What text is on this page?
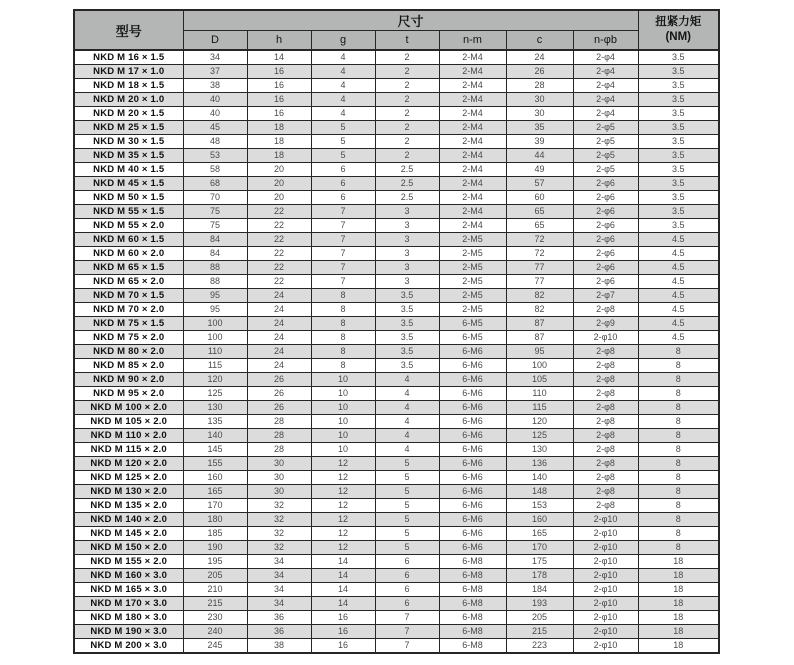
型号	尺寸							扭紧力矩
(NM)

	D	h	g	t	n-m	c	n-φb	
NKD M 16 × 1.5	34	14	4	2	2-M4	24	2-φ4	3.5
NKD M 17 × 1.0	37	16	4	2	2-M4	26	2-φ4	3.5
NKD M 18 × 1.5	38	16	4	2	2-M4	28	2-φ4	3.5
NKD M 20 × 1.0	40	16	4	2	2-M4	30	2-φ4	3.5
NKD M 20 × 1.5	40	16	4	2	2-M4	30	2-φ4	3.5
NKD M 25 × 1.5	45	18	5	2	2-M4	35	2-φ5	3.5
NKD M 30 × 1.5	48	18	5	2	2-M4	39	2-φ5	3.5
NKD M 35 × 1.5	53	18	5	2	2-M4	44	2-φ5	3.5
NKD M 40 × 1.5	58	20	6	2.5	2-M4	49	2-φ5	3.5
NKD M 45 × 1.5	68	20	6	2.5	2-M4	57	2-φ6	3.5
NKD M 50 × 1.5	70	20	6	2.5	2-M4	60	2-φ6	3.5
NKD M 55 × 1.5	75	22	7	3	2-M4	65	2-φ6	3.5
NKD M 55 × 2.0	75	22	7	3	2-M4	65	2-φ6	3.5
NKD M 60 × 1.5	84	22	7	3	2-M5	72	2-φ6	4.5
NKD M 60 × 2.0	84	22	7	3	2-M5	72	2-φ6	4.5
NKD M 65 × 1.5	88	22	7	3	2-M5	77	2-φ6	4.5
NKD M 65 × 2.0	88	22	7	3	2-M5	77	2-φ6	4.5
NKD M 70 × 1.5	95	24	8	3.5	2-M5	82	2-φ7	4.5
NKD M 70 × 2.0	95	24	8	3.5	2-M5	82	2-φ8	4.5
NKD M 75 × 1.5	100	24	8	3.5	6-M5	87	2-φ9	4.5
NKD M 75 × 2.0	100	24	8	3.5	6-M5	87	2-φ10	4.5
NKD M 80 × 2.0	110	24	8	3.5	6-M6	95	2-φ8	8
NKD M 85 × 2.0	115	24	8	3.5	6-M6	100	2-φ8	8
NKD M 90 × 2.0	120	26	10	4	6-M6	105	2-φ8	8
NKD M 95 × 2.0	125	26	10	4	6-M6	110	2-φ8	8
NKD M 100 × 2.0	130	26	10	4	6-M6	115	2-φ8	8
NKD M 105 × 2.0	135	28	10	4	6-M6	120	2-φ8	8
NKD M 110 × 2.0	140	28	10	4	6-M6	125	2-φ8	8
NKD M 115 × 2.0	145	28	10	4	6-M6	130	2-φ8	8
NKD M 120 × 2.0	155	30	12	5	6-M6	136	2-φ8	8
NKD M 125 × 2.0	160	30	12	5	6-M6	140	2-φ8	8
NKD M 130 × 2.0	165	30	12	5	6-M6	148	2-φ8	8
NKD M 135 × 2.0	170	32	12	5	6-M6	153	2-φ8	8
NKD M 140 × 2.0	180	32	12	5	6-M6	160	2-φ10	8
NKD M 145 × 2.0	185	32	12	5	6-M6	165	2-φ10	8
NKD M 150 × 2.0	190	32	12	5	6-M6	170	2-φ10	8
NKD M 155 × 2.0	195	34	14	6	6-M8	175	2-φ10	18
NKD M 160 × 3.0	205	34	14	6	6-M8	178	2-φ10	18
NKD M 165 × 3.0	210	34	14	6	6-M8	184	2-φ10	18
NKD M 170 × 3.0	215	34	14	6	6-M8	193	2-φ10	18
NKD M 180 × 3.0	230	36	16	7	6-M8	205	2-φ10	18
NKD M 190 × 3.0	240	36	16	7	6-M8	215	2-φ10	18
NKD M 200 × 3.0	245	38	16	7	6-M8	223	2-φ10	18
